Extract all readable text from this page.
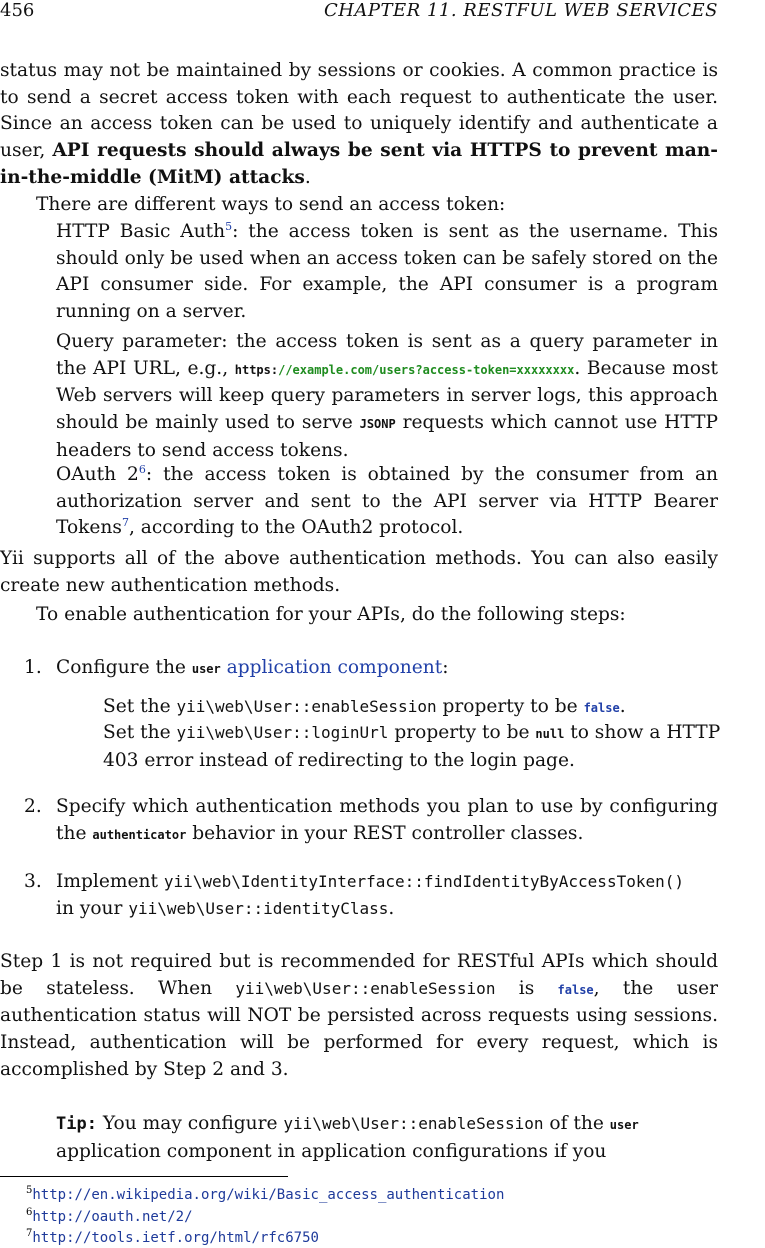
456	CHAPTER 11. RESTFUL WEB SERVICES

status may not be maintained by sessions or cookies. A common practice is to send a secret access token with each request to authenticate the user. Since an access token can be used to uniquely identify and authenticate a user, API requests should always be sent via HTTPS to prevent man-in-the-middle (MitM) attacks.

There are different ways to send an access token:

HTTP Basic Auth$^5$: the access token is sent as the username. This should only be used when an access token can be safely stored on the API consumer side. For example, the API consumer is a program running on a server.

Query parameter: the access token is sent as a query parameter in the API URL, e.g., https://example.com/users?access-token=xxxxxxxx. Because most Web servers will keep query parameters in server logs, this approach should be mainly used to serve JSONP requests which cannot use HTTP headers to send access tokens.

OAuth $2^6$: the access token is obtained by the consumer from an authorization server and sent to the API server via HTTP Bearer Tokens$^7$, according to the OAuth2 protocol.

Yii supports all of the above authentication methods. You can also easily create new authentication methods.

To enable authentication for your APIs, do the following steps:

1. Configure the user application component:

Set the yii\web\User::enableSession property to be false.

Set the yii\web\User::loginUrl property to be null to show a HTTP 403 error instead of redirecting to the login page.

2. Specify which authentication methods you plan to use by configuring the authenticator behavior in your REST controller classes.

3. Implement yii\web\IdentityInterface::findIdentityByAccessToken()
in your yii\web\User::identityClass.

Step 1 is not required but is recommended for RESTful APIs which should be stateless. When yii\web\User::enableSession is false, the user authentication status will NOT be persisted across requests using sessions. Instead, authentication will be performed for every request, which is accomplished by Step 2 and 3.

Tip: You may configure yii\web\User::enableSession of the user application component in application configurations if you

$^5$http://en.wikipedia.org/wiki/Basic_access_authentication
$^6$http://oauth.net/2/
$^7$http://tools.ietf.org/html/rfc6750
